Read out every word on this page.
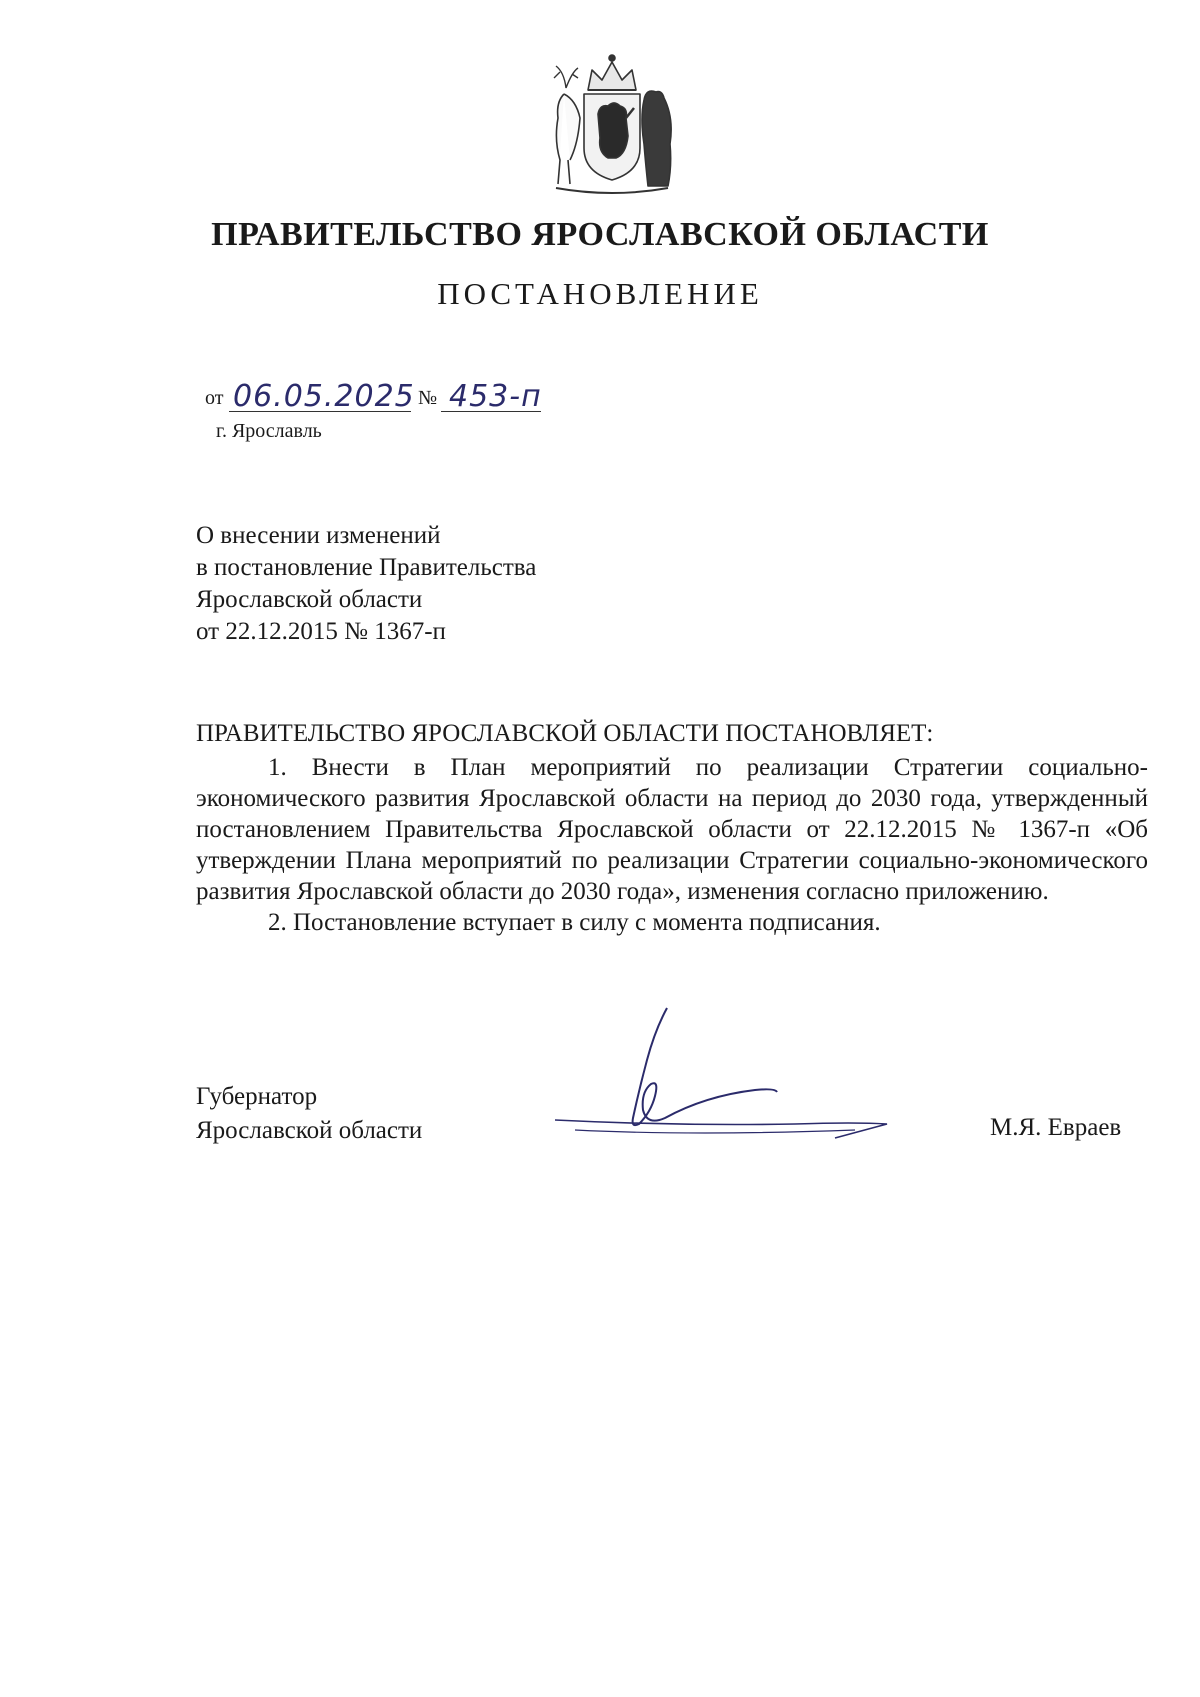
ПРАВИТЕЛЬСТВО ЯРОСЛАВСКОЙ ОБЛАСТИ
ПОСТАНОВЛЕНИЕ
от 06.05.2025 № 453-п
г. Ярославль
О внесении изменений
в постановление Правительства
Ярославской области
от 22.12.2015 № 1367-п
ПРАВИТЕЛЬСТВО ЯРОСЛАВСКОЙ ОБЛАСТИ ПОСТАНОВЛЯЕТ:

1. Внести в План мероприятий по реализации Стратегии социально-экономического развития Ярославской области на период до 2030 года, утвержденный постановлением Правительства Ярославской области от 22.12.2015 № 1367-п «Об утверждении Плана мероприятий по реализации Стратегии социально-экономического развития Ярославской области до 2030 года», изменения согласно приложению.

2. Постановление вступает в силу с момента подписания.

Губернатор
Ярославской области	М.Я. Евраев
